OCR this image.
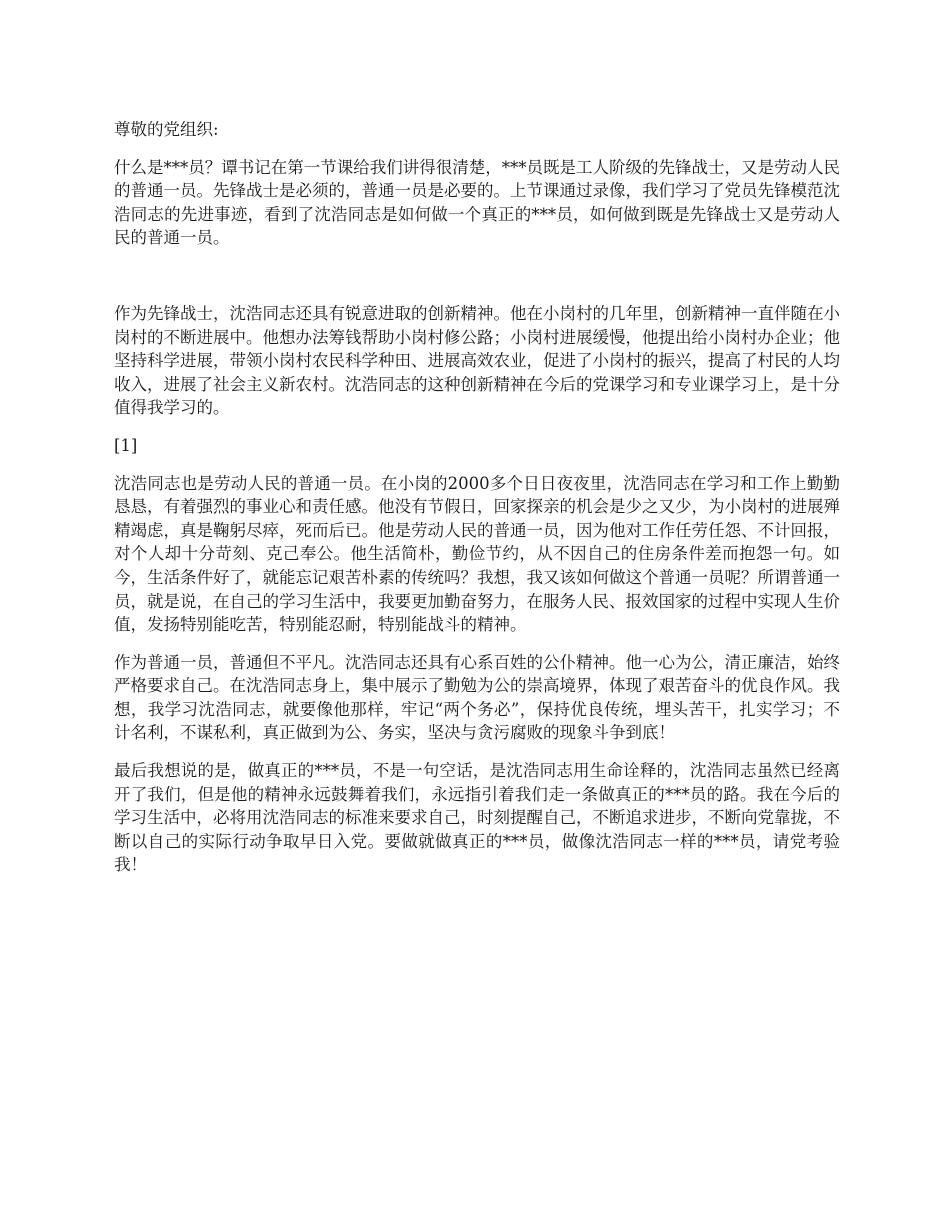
尊敬的党组织:

什么是***员？谭书记在第一节课给我们讲得很清楚，***员既是工人阶级的先锋战士，又是劳动人民的普通一员。先锋战士是必须的，普通一员是必要的。上节课通过录像，我们学习了党员先锋模范沈浩同志的先进事迹，看到了沈浩同志是如何做一个真正的***员，如何做到既是先锋战士又是劳动人民的普通一员。

作为先锋战士，沈浩同志还具有锐意进取的创新精神。他在小岗村的几年里，创新精神一直伴随在小岗村的不断进展中。他想办法筹钱帮助小岗村修公路；小岗村进展缓慢，他提出给小岗村办企业；他坚持科学进展，带领小岗村农民科学种田、进展高效农业，促进了小岗村的振兴，提高了村民的人均收入，进展了社会主义新农村。沈浩同志的这种创新精神在今后的党课学习和专业课学习上，是十分值得我学习的。

[1]

沈浩同志也是劳动人民的普通一员。在小岗的2000多个日日夜夜里，沈浩同志在学习和工作上勤勤恳恳，有着强烈的事业心和责任感。他没有节假日，回家探亲的机会是少之又少，为小岗村的进展殚精竭虑，真是鞠躬尽瘁，死而后已。他是劳动人民的普通一员，因为他对工作任劳任怨、不计回报，对个人却十分苛刻、克己奉公。他生活简朴，勤俭节约，从不因自己的住房条件差而抱怨一句。如今，生活条件好了，就能忘记艰苦朴素的传统吗？我想，我又该如何做这个普通一员呢？所谓普通一员，就是说，在自己的学习生活中，我要更加勤奋努力，在服务人民、报效国家的过程中实现人生价值，发扬特别能吃苦，特别能忍耐，特别能战斗的精神。

作为普通一员，普通但不平凡。沈浩同志还具有心系百姓的公仆精神。他一心为公，清正廉洁，始终严格要求自己。在沈浩同志身上，集中展示了勤勉为公的崇高境界，体现了艰苦奋斗的优良作风。我想，我学习沈浩同志，就要像他那样，牢记“两个务必”，保持优良传统，埋头苦干，扎实学习；不计名利，不谋私利，真正做到为公、务实，坚决与贪污腐败的现象斗争到底！

最后我想说的是，做真正的***员，不是一句空话，是沈浩同志用生命诠释的，沈浩同志虽然已经离开了我们，但是他的精神永远鼓舞着我们，永远指引着我们走一条做真正的***员的路。我在今后的学习生活中，必将用沈浩同志的标准来要求自己，时刻提醒自己，不断追求进步，不断向党靠拢，不断以自己的实际行动争取早日入党。要做就做真正的***员，做像沈浩同志一样的***员，请党考验我！
